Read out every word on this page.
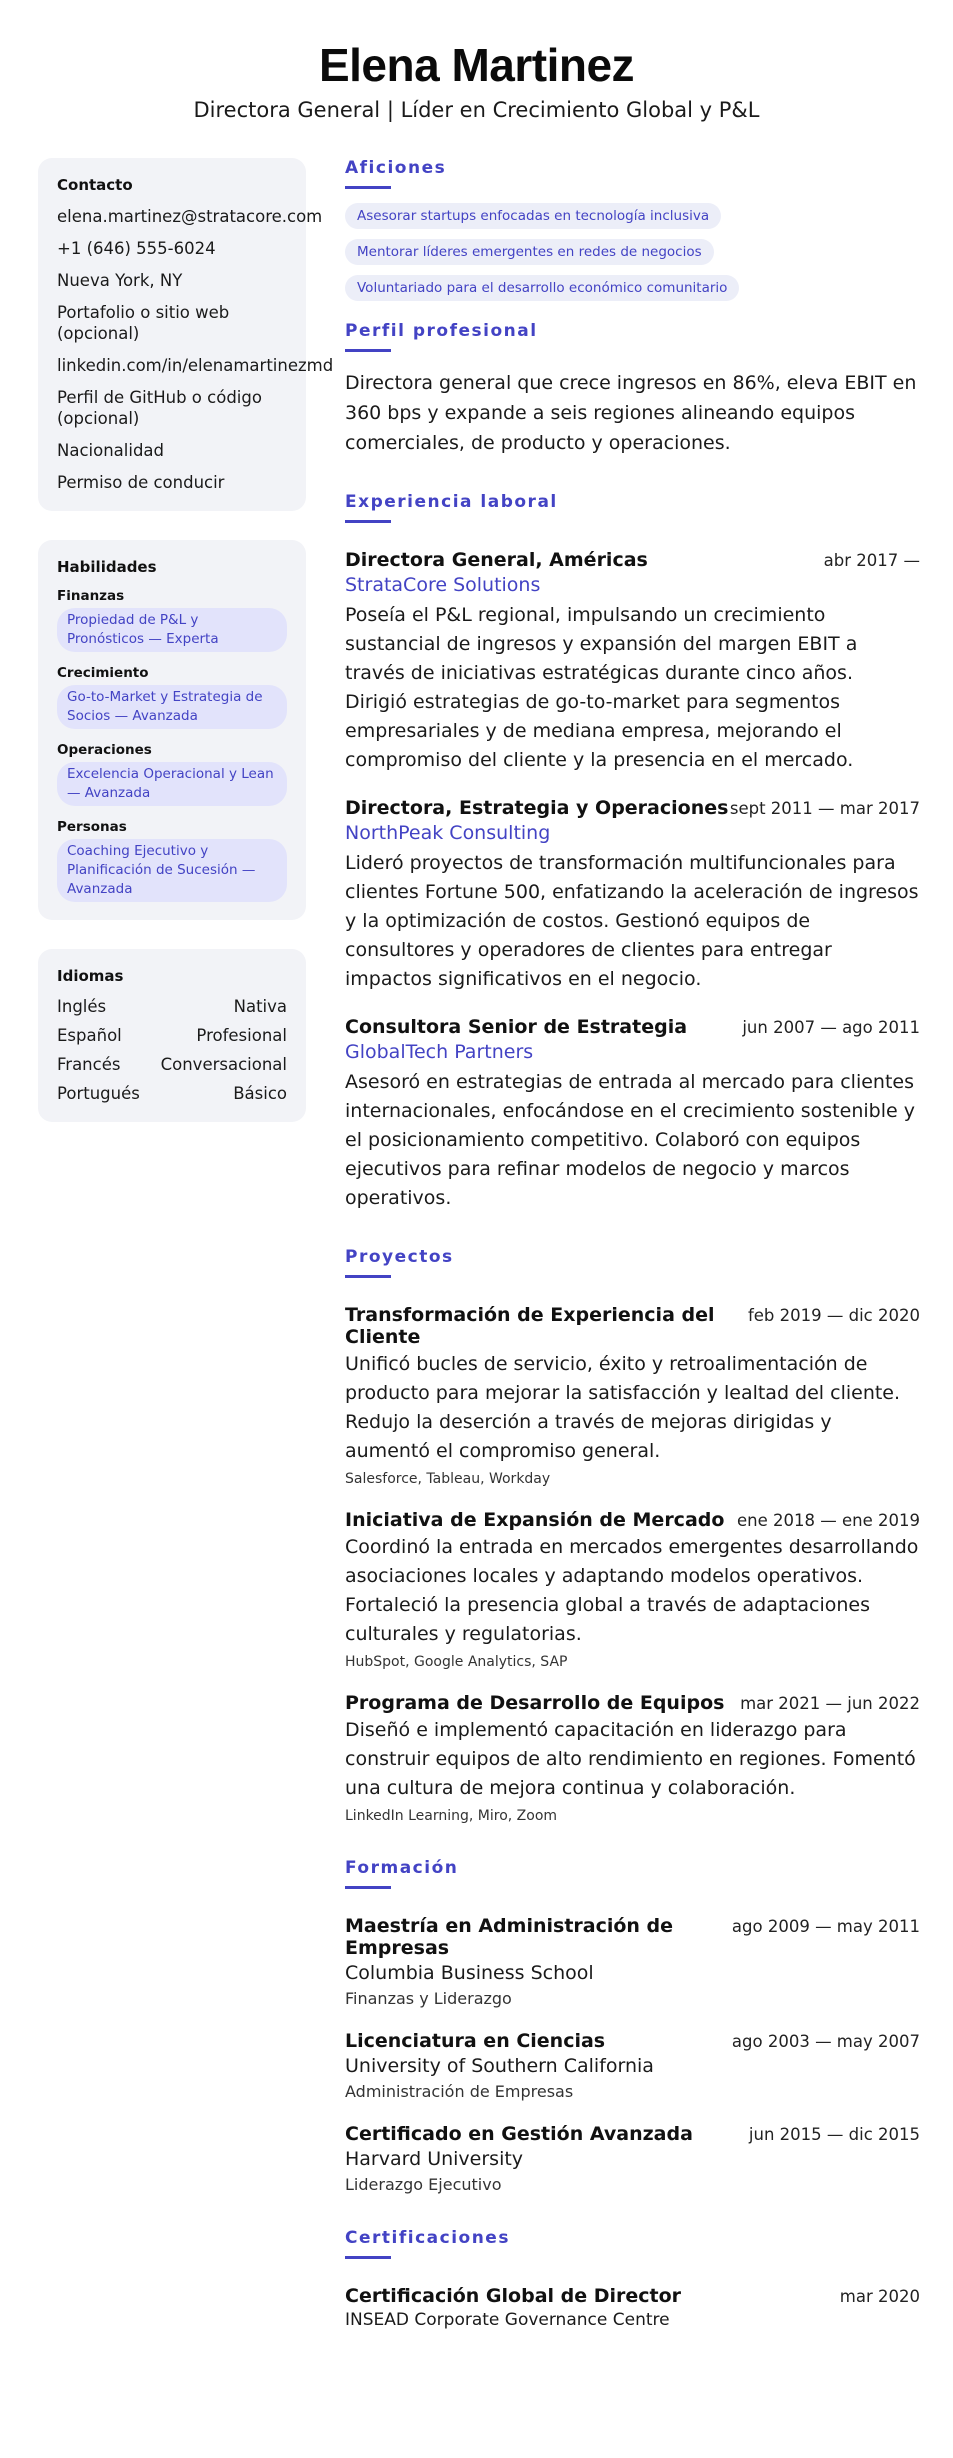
Elena Martinez
Directora General | Líder en Crecimiento Global y P&L
Contacto
elena.martinez@stratacore.com
+1 (646) 555-6024
Nueva York, NY
Portafolio o sitio web (opcional)
linkedin.com/in/elenamartinezmd
Perfil de GitHub o código (opcional)
Nacionalidad
Permiso de conducir
Habilidades
Finanzas
Propiedad de P&L y Pronósticos — Experta
Crecimiento
Go-to-Market y Estrategia de Socios — Avanzada
Operaciones
Excelencia Operacional y Lean — Avanzada
Personas
Coaching Ejecutivo y Planificación de Sucesión — Avanzada
Idiomas
Inglés	Nativa
Español	Profesional
Francés Conversacional
Portugués	Básico
Aficiones
Asesorar startups enfocadas en tecnología inclusiva
Mentorar líderes emergentes en redes de negocios
Voluntariado para el desarrollo económico comunitario
Perfil profesional

Directora general que crece ingresos en 86%, eleva EBIT en 360 bps y expande a seis regiones alineando equipos comerciales, de producto y operaciones.

Experiencia laboral
Directora General, Américas	abr 2017 —
StrataCore Solutions

Poseía el P&L regional, impulsando un crecimiento sustancial de ingresos y expansión del margen EBIT a través de iniciativas estratégicas durante cinco años. Dirigió estrategias de go-to-market para segmentos empresariales y de mediana empresa, mejorando el compromiso del cliente y la presencia en el mercado.

Directora, Estrategia y Operaciones sept 2011 — mar 2017
NorthPeak Consulting

Lideró proyectos de transformación multifuncionales para clientes Fortune 500, enfatizando la aceleración de ingresos y la optimización de costos. Gestionó equipos de consultores y operadores de clientes para entregar impactos significativos en el negocio.

Consultora Senior de Estrategia	jun 2007 — ago 2011
GlobalTech Partners

Asesoró en estrategias de entrada al mercado para clientes internacionales, enfocándose en el crecimiento sostenible y el posicionamiento competitivo. Colaboró con equipos ejecutivos para refinar modelos de negocio y marcos operativos.

Proyectos
Transformación de Experiencia del Cliente
feb 2019 — dic 2020

Unificó bucles de servicio, éxito y retroalimentación de producto para mejorar la satisfacción y lealtad del cliente. Redujo la deserción a través de mejoras dirigidas y aumentó el compromiso general.

Salesforce, Tableau, Workday
Iniciativa de Expansión de Mercado ene 2018 — ene 2019

Coordinó la entrada en mercados emergentes desarrollando asociaciones locales y adaptando modelos operativos. Fortaleció la presencia global a través de adaptaciones culturales y regulatorias.

HubSpot, Google Analytics, SAP
Programa de Desarrollo de Equipos mar 2021 — jun 2022

Diseñó e implementó capacitación en liderazgo para construir equipos de alto rendimiento en regiones. Fomentó una cultura de mejora continua y colaboración.

LinkedIn Learning, Miro, Zoom
Formación
Maestría en Administración de Empresas
ago 2009 — may 2011
Columbia Business School
Finanzas y Liderazgo
Licenciatura en Ciencias	ago 2003 — may 2007
University of Southern California
Administración de Empresas
Certificado en Gestión Avanzada	jun 2015 — dic 2015
Harvard University
Liderazgo Ejecutivo
Certificaciones
Certificación Global de Director	mar 2020
INSEAD Corporate Governance Centre
